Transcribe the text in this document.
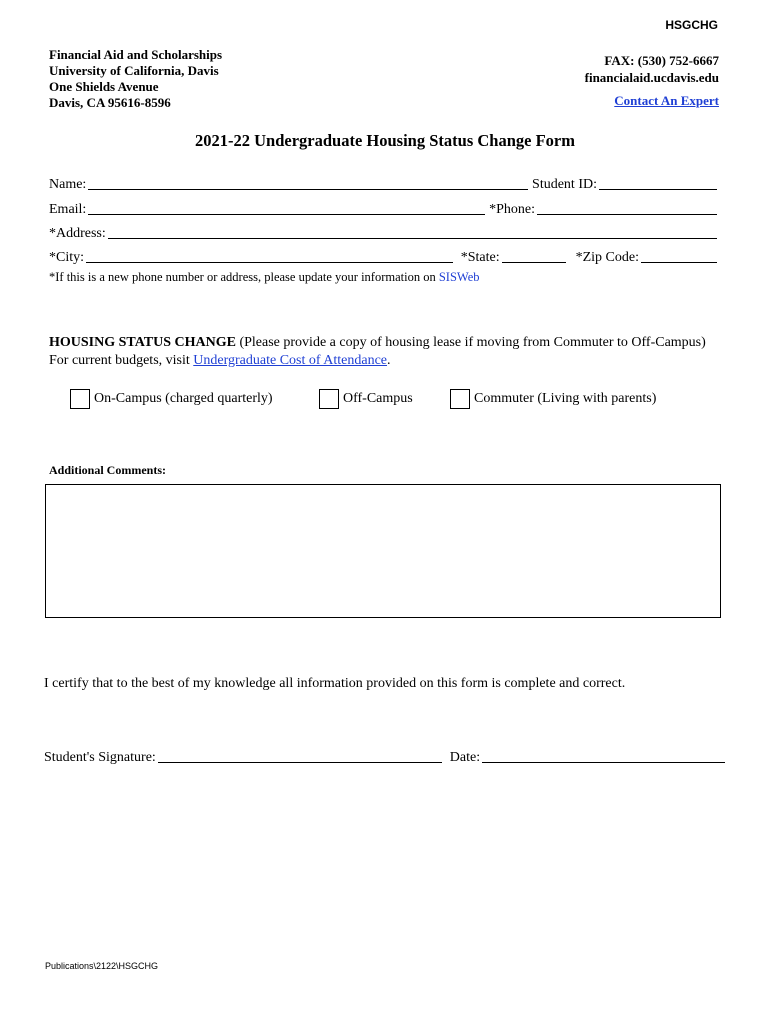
HSGCHG
Financial Aid and Scholarships
University of California, Davis
One Shields Avenue
Davis, CA 95616-8596
FAX: (530) 752-6667
financialaid.ucdavis.edu
Contact An Expert
2021-22 Undergraduate Housing Status Change Form
Name:	Student ID:
Email:	*Phone:
*Address:
*City:	*State:	*Zip Code:
*If this is a new phone number or address, please update your information on SISWeb
HOUSING STATUS CHANGE (Please provide a copy of housing lease if moving from Commuter to Off-Campus) For current budgets, visit Undergraduate Cost of Attendance.
On-Campus (charged quarterly)	Off-Campus	Commuter (Living with parents)
Additional Comments:
I certify that to the best of my knowledge all information provided on this form is complete and correct.
Student's Signature:	Date:
Publications\2122\HSGCHG
